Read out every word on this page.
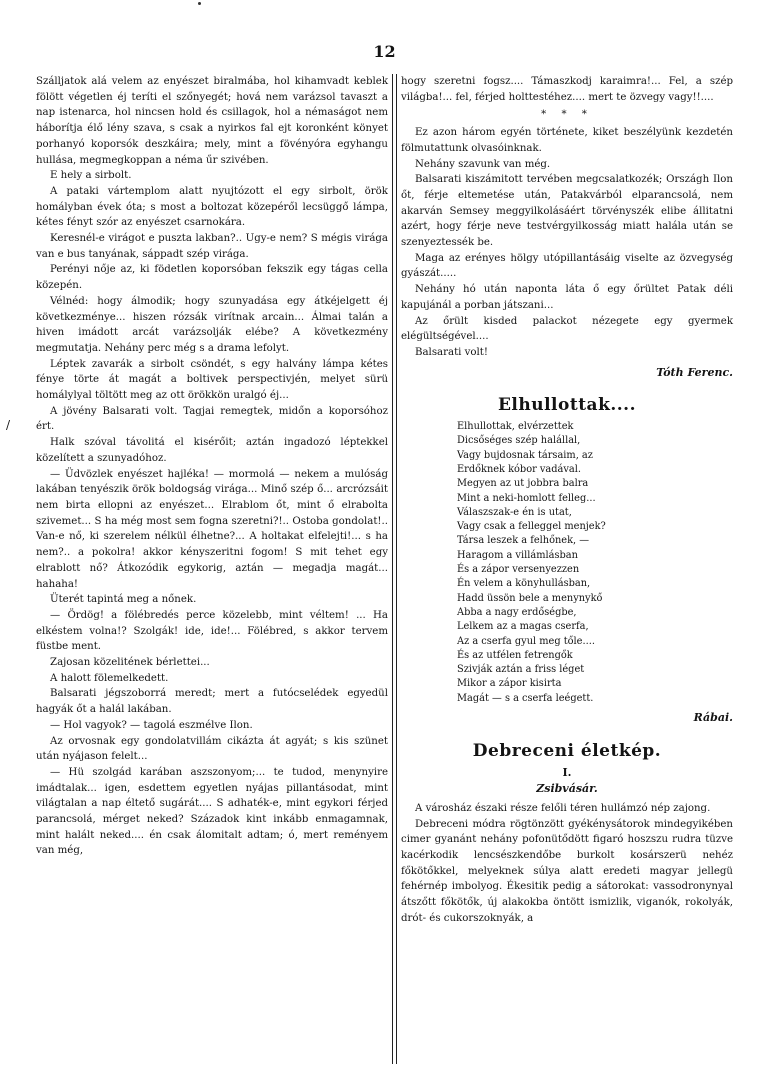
12
/

Szálljatok alá velem az enyészet biralmába, hol kihamvadt keblek fölött végetlen éj teríti el szőnyegét; hová nem varázsol tavaszt a nap istenarca, hol nincsen hold és csillagok, hol a némaságot nem háborítja élő lény szava, s csak a nyirkos fal ejt koronként könyet porhanyó koporsók deszkáira; mely, mint a fövényóra egyhangu hullása, megmegkoppan a néma űr szivében.

E hely a sirbolt.

A pataki vártemplom alatt nyujtózott el egy sirbolt, örök homályban évek óta; s most a boltozat közepéről lecsüggő lámpa, kétes fényt szór az enyészet csarnokára.

Keresnél-e virágot e puszta lakban?.. Ugy-e nem? S mégis virága van e bus tanyának, sáppadt szép virága.

Perényi nője az, ki födetlen koporsóban fekszik egy tágas cella közepén.

Vélnéd: hogy álmodik; hogy szunyadása egy átkéjelgett éj következménye... hiszen rózsák virítnak arcain... Álmai talán a hiven imádott arcát varázsolják elébe? A következmény megmutatja. Nehány perc még s a drama lefolyt.

Léptek zavarák a sirbolt csöndét, s egy halvány lámpa kétes fénye törte át magát a boltivek perspectivjén, melyet sürü homálylyal töltött meg az ott örökkön uralgó éj...

A jövény Balsarati volt. Tagjai remegtek, midőn a koporsóhoz ért.

Halk szóval távolitá el kisérőit; aztán ingadozó léptekkel közelített a szunyadóhoz.

— Üdvözlek enyészet hajléka! — mormolá — nekem a mulóság lakában tenyészik örök boldogság virága... Minő szép ő... arcrózsáit nem birta ellopni az enyészet... Elrablom őt, mint ő elrabolta szivemet... S ha még most sem fogna szeretni?!.. Ostoba gondolat!.. Van-e nő, ki szerelem nélkül élhetne?... A holtakat elfelejti!... s ha nem?.. a pokolra! akkor kényszeritni fogom! S mit tehet egy elrablott nő? Átkozódik egykorig, aztán — megadja magát... hahaha!

Üterét tapintá meg a nőnek.

— Ördög! a fölébredés perce közelebb, mint véltem! ... Ha elkéstem volna!? Szolgák! ide, ide!... Fölébred, s akkor tervem füstbe ment.

Zajosan közelitének bérlettei...

A halott fölemelkedett.

Balsarati jégszoborrá meredt; mert a futócselédek egyedül hagyák őt a halál lakában.

— Hol vagyok? — tagolá eszmélve Ilon.

Az orvosnak egy gondolatvillám cikázta át agyát; s kis szünet után nyájason felelt...

— Hü szolgád karában aszszonyom;... te tudod, menynyire imádtalak... igen, esdettem egyetlen nyájas pillantásodat, mint világtalan a nap éltető sugárát.... S adhaték-e, mint egykori férjed parancsolá, mérget neked? Századok kint inkább enmagamnak, mint halált neked.... én csak álomitalt adtam; ó, mert reményem van még,

hogy szeretni fogsz.... Támaszkodj karaimra!... Fel, a szép világba!... fel, férjed holttestéhez.... mert te özvegy vagy!!....

* * *

Ez azon három egyén története, kiket beszélyünk kezdetén fölmutattunk olvasóinknak.

Nehány szavunk van még.

Balsarati kiszámitott tervében megcsalatkozék; Országh Ilon őt, férje eltemetése után, Patakvárból elparancsolá, nem akarván Semsey meggyilkolásáért törvényszék elibe állitatni azért, hogy férje neve testvérgyilkosság miatt halála után se szenyeztessék be.

Maga az erényes hölgy utópillantásáig viselte az özvegység gyászát.....

Nehány hó után naponta láta ő egy őrültet Patak déli kapujánál a porban játszani...

Az őrült kisded palackot nézegete egy gyermek elégültségével....

Balsarati volt!

Tóth Ferenc.

Elhullottak....
Elhullottak, elvérzettek
Dicsőséges szép halállal,
Vagy bujdosnak társaim, az
Erdőknek kóbor vadával.
Megyen az ut jobbra balra
Mint a neki-homlott felleg...
Válaszszak-e én is utat,
Vagy csak a felleggel menjek?
Társa leszek a felhőnek, —
Haragom a villámlásban
És a zápor versenyezzen
Én velem a könyhullásban,
Hadd üssön bele a menynykő
Abba a nagy erdőségbe,
Lelkem az a magas cserfa,
Az a cserfa gyul meg tőle....
És az utfélen fetrengők
Szivják aztán a friss léget
Mikor a zápor kisirta
Magát — s a cserfa leégett.

Rábai.

Debreceni életkép.
I.
Zsibvásár.

A városház északi része felőli téren hullámzó nép zajong.

Debreceni módra rögtönzött gyékénysátorok mindegyikében cimer gyanánt nehány pofonütődött figaró hoszszu rudra tüzve kacérkodik lencsészkendőbe burkolt kosárszerü nehéz főkötőkkel, melyeknek súlya alatt eredeti magyar jellegü fehérnép imbolyog. Ékesitik pedig a sátorokat: vassodronynyal átszőtt főkötők, új alakokba öntött ismizlik, viganók, rokolyák, drót- és cukorszoknyák, a
